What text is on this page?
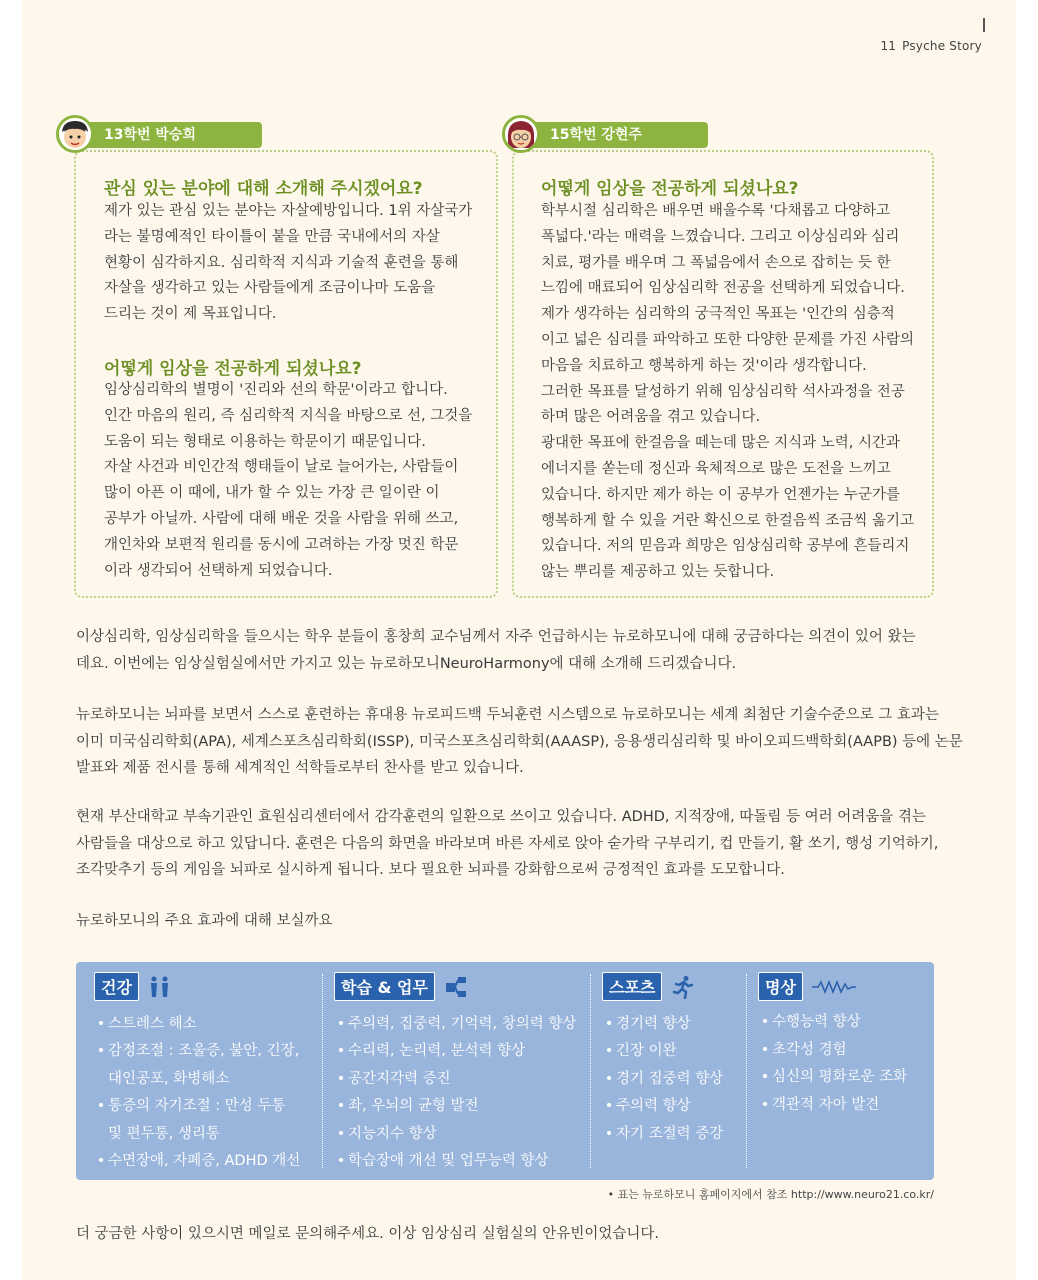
11 Psyche Story
13학번 박승희
관심 있는 분야에 대해 소개해 주시겠어요?
제가 있는 관심 있는 분야는 자살예방입니다. 1위 자살국가
라는 불명예적인 타이틀이 붙을 만큼 국내에서의 자살
현황이 심각하지요. 심리학적 지식과 기술적 훈련을 통해
자살을 생각하고 있는 사람들에게 조금이나마 도움을
드리는 것이 제 목표입니다.
어떻게 임상을 전공하게 되셨나요?
임상심리학의 별명이 '진리와 선의 학문'이라고 합니다.
인간 마음의 원리, 즉 심리학적 지식을 바탕으로 선, 그것을
도움이 되는 형태로 이용하는 학문이기 때문입니다.
자살 사건과 비인간적 행태들이 날로 늘어가는, 사람들이
많이 아픈 이 때에, 내가 할 수 있는 가장 큰 일이란 이
공부가 아닐까. 사람에 대해 배운 것을 사람을 위해 쓰고,
개인차와 보편적 원리를 동시에 고려하는 가장 멋진 학문
이라 생각되어 선택하게 되었습니다.
15학번 강현주
어떻게 임상을 전공하게 되셨나요?
학부시절 심리학은 배우면 배울수록 '다채롭고 다양하고
폭넓다.'라는 매력을 느꼈습니다. 그리고 이상심리와 심리
치료, 평가를 배우며 그 폭넓음에서 손으로 잡히는 듯 한
느낌에 매료되어 임상심리학 전공을 선택하게 되었습니다.
제가 생각하는 심리학의 궁극적인 목표는 '인간의 심층적
이고 넓은 심리를 파악하고 또한 다양한 문제를 가진 사람의
마음을 치료하고 행복하게 하는 것'이라 생각합니다.
그러한 목표를 달성하기 위해 임상심리학 석사과정을 전공
하며 많은 어려움을 겪고 있습니다.
광대한 목표에 한걸음을 떼는데 많은 지식과 노력, 시간과
에너지를 쏟는데 정신과 육체적으로 많은 도전을 느끼고
있습니다. 하지만 제가 하는 이 공부가 언젠가는 누군가를
행복하게 할 수 있을 거란 확신으로 한걸음씩 조금씩 옮기고
있습니다. 저의 믿음과 희망은 임상심리학 공부에 흔들리지
않는 뿌리를 제공하고 있는 듯합니다.
이상심리학, 임상심리학을 들으시는 학우 분들이 홍창희 교수님께서 자주 언급하시는 뉴로하모니에 대해 궁금하다는 의견이 있어 왔는
데요. 이번에는 임상실험실에서만 가지고 있는 뉴로하모니NeuroHarmony에 대해 소개해 드리겠습니다.
뉴로하모니는 뇌파를 보면서 스스로 훈련하는 휴대용 뉴로피드백 두뇌훈련 시스템으로 뉴로하모니는 세계 최첨단 기술수준으로 그 효과는
이미 미국심리학회(APA), 세계스포츠심리학회(ISSP), 미국스포츠심리학회(AAASP), 응용생리심리학 및 바이오피드백학회(AAPB) 등에 논문
발표와 제품 전시를 통해 세계적인 석학들로부터 찬사를 받고 있습니다.
현재 부산대학교 부속기관인 효원심리센터에서 감각훈련의 일환으로 쓰이고 있습니다. ADHD, 지적장애, 따돌림 등 여러 어려움을 겪는
사람들을 대상으로 하고 있답니다. 훈련은 다음의 화면을 바라보며 바른 자세로 앉아 숟가락 구부리기, 컵 만들기, 활 쏘기, 행성 기억하기,
조각맞추기 등의 게임을 뇌파로 실시하게 됩니다. 보다 필요한 뇌파를 강화함으로써 긍정적인 효과를 도모합니다.
뉴로하모니의 주요 효과에 대해 보실까요
건강
• 스트레스 해소
• 감정조절 : 조울증, 불안, 긴장,
대인공포, 화병해소
• 통증의 자기조절 : 만성 두통
및 편두통, 생리통
• 수면장애, 자폐증, ADHD 개선
학습 & 업무
• 주의력, 집중력, 기억력, 창의력 향상
• 수리력, 논리력, 분석력 향상
• 공간지각력 증진
• 좌, 우뇌의 균형 발전
• 지능지수 향상
• 학습장애 개선 및 업무능력 향상
스포츠
• 경기력 향상
• 긴장 이완
• 경기 집중력 향상
• 주의력 향상
• 자기 조절력 증강
명상
• 수행능력 향상
• 초각성 경험
• 심신의 평화로운 조화
• 객관적 자아 발견
• 표는 뉴로하모니 홈페이지에서 참조 http://www.neuro21.co.kr/
더 궁금한 사항이 있으시면 메일로 문의해주세요. 이상 임상심리 실험실의 안유빈이었습니다.
